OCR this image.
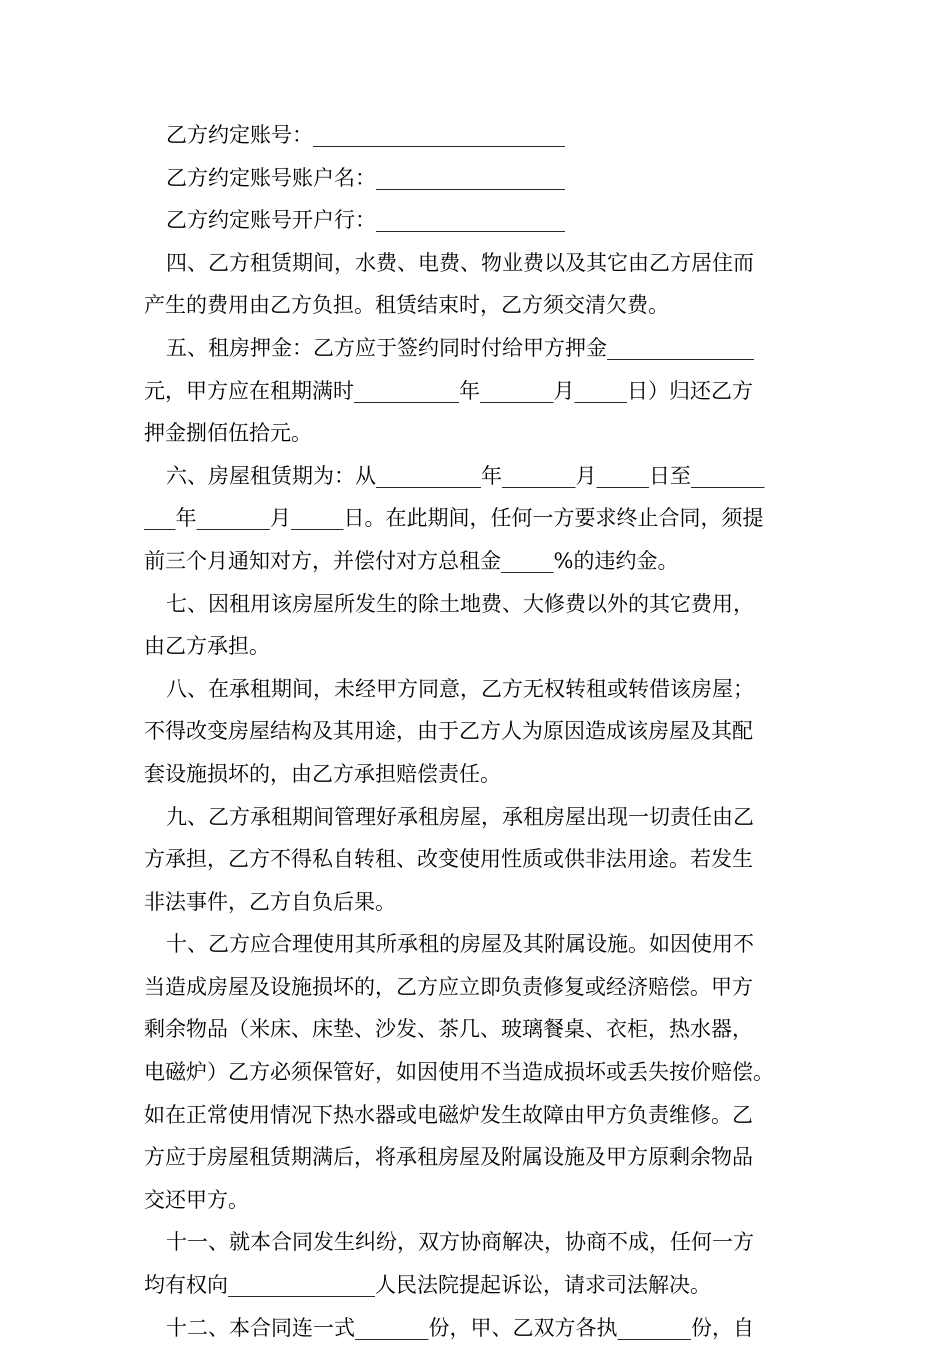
乙方约定账号：________________________
乙方约定账号账户名：__________________
乙方约定账号开户行：__________________
四、乙方租赁期间，水费、电费、物业费以及其它由乙方居住而
产生的费用由乙方负担。租赁结束时，乙方须交清欠费。
五、租房押金：乙方应于签约同时付给甲方押金______________
元，甲方应在租期满时__________年_______月_____日）归还乙方
押金捌佰伍拾元。
六、房屋租赁期为：从__________年_______月_____日至_______
___年_______月_____日。在此期间，任何一方要求终止合同，须提
前三个月通知对方，并偿付对方总租金_____%的违约金。
七、因租用该房屋所发生的除土地费、大修费以外的其它费用，
由乙方承担。
八、在承租期间，未经甲方同意，乙方无权转租或转借该房屋；
不得改变房屋结构及其用途，由于乙方人为原因造成该房屋及其配
套设施损坏的，由乙方承担赔偿责任。
九、乙方承租期间管理好承租房屋，承租房屋出现一切责任由乙
方承担，乙方不得私自转租、改变使用性质或供非法用途。若发生
非法事件，乙方自负后果。
十、乙方应合理使用其所承租的房屋及其附属设施。如因使用不
当造成房屋及设施损坏的，乙方应立即负责修复或经济赔偿。甲方
剩余物品（米床、床垫、沙发、茶几、玻璃餐桌、衣柜，热水器，
电磁炉）乙方必须保管好，如因使用不当造成损坏或丢失按价赔偿。
如在正常使用情况下热水器或电磁炉发生故障由甲方负责维修。乙
方应于房屋租赁期满后，将承租房屋及附属设施及甲方原剩余物品
交还甲方。
十一、就本合同发生纠纷，双方协商解决，协商不成，任何一方
均有权向______________人民法院提起诉讼，请求司法解决。
十二、本合同连一式_______份，甲、乙双方各执_______份，自
